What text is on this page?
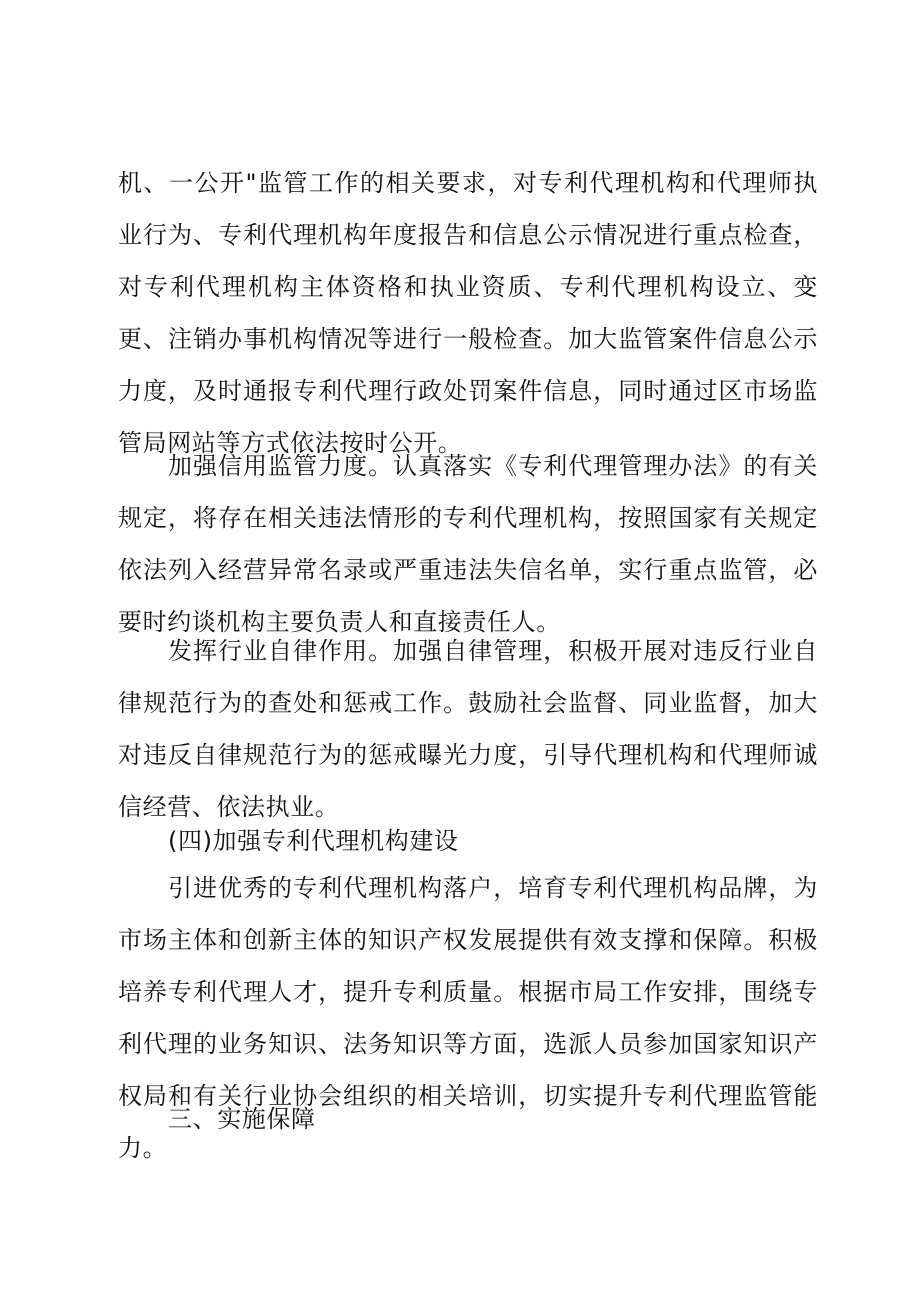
机、一公开"监管工作的相关要求，对专利代理机构和代理师执业行为、专利代理机构年度报告和信息公示情况进行重点检查，对专利代理机构主体资格和执业资质、专利代理机构设立、变更、注销办事机构情况等进行一般检查。加大监管案件信息公示力度，及时通报专利代理行政处罚案件信息，同时通过区市场监管局网站等方式依法按时公开。

加强信用监管力度。认真落实《专利代理管理办法》的有关规定，将存在相关违法情形的专利代理机构，按照国家有关规定依法列入经营异常名录或严重违法失信名单，实行重点监管，必要时约谈机构主要负责人和直接责任人。

发挥行业自律作用。加强自律管理，积极开展对违反行业自律规范行为的查处和惩戒工作。鼓励社会监督、同业监督，加大对违反自律规范行为的惩戒曝光力度，引导代理机构和代理师诚信经营、依法执业。

(四)加强专利代理机构建设

引进优秀的专利代理机构落户，培育专利代理机构品牌，为市场主体和创新主体的知识产权发展提供有效支撑和保障。积极培养专利代理人才，提升专利质量。根据市局工作安排，围绕专利代理的业务知识、法务知识等方面，选派人员参加国家知识产权局和有关行业协会组织的相关培训，切实提升专利代理监管能力。

三、实施保障
